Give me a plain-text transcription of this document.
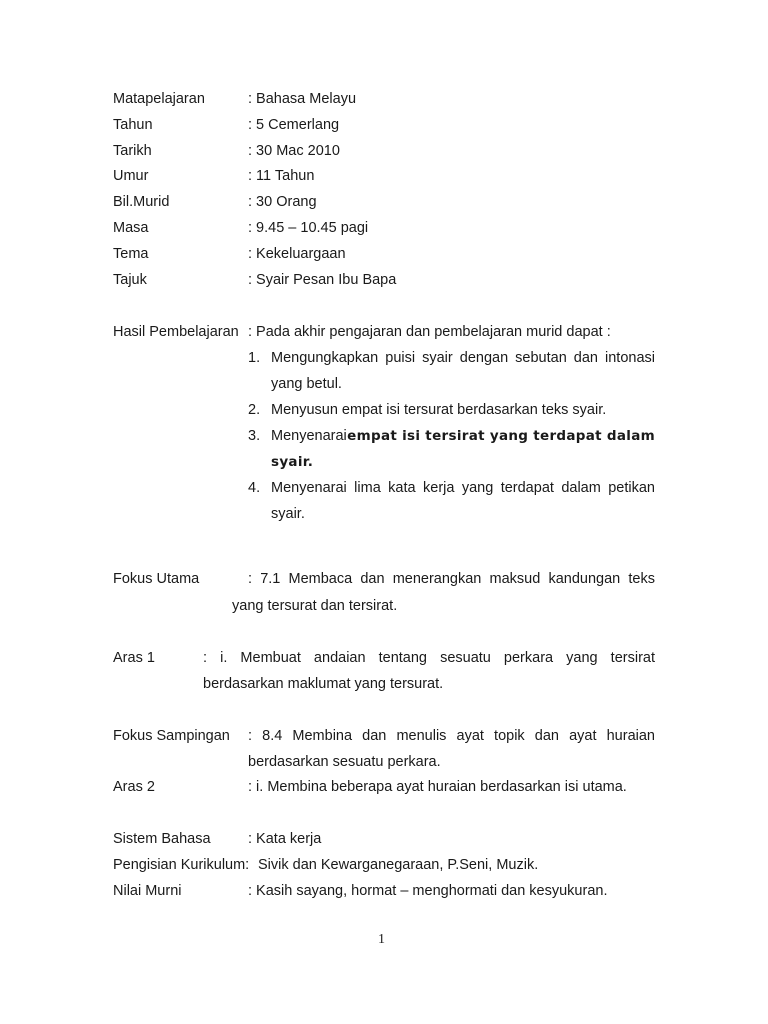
Matapelajaran	: Bahasa Melayu
Tahun	: 5 Cemerlang
Tarikh	: 30 Mac 2010
Umur	: 11 Tahun
Bil.Murid	: 30 Orang
Masa	: 9.45 – 10.45 pagi
Tema	: Kekeluargaan
Tajuk	: Syair Pesan Ibu Bapa
Hasil Pembelajaran : Pada akhir pengajaran dan pembelajaran murid dapat :
1. Mengungkapkan puisi syair dengan sebutan dan intonasi
yang betul.
2. Menyusun empat isi tersurat berdasarkan teks syair.
3. Menyenarai empat isi tersirat yang terdapat dalam
syair.
4. Menyenarai lima kata kerja yang terdapat dalam petikan
syair.
Fokus Utama	: 7.1 Membaca dan menerangkan maksud kandungan teks
yang tersurat dan tersirat.
Aras 1	: i. Membuat andaian tentang sesuatu perkara yang tersirat
berdasarkan maklumat yang tersurat.
Fokus Sampingan : 8.4 Membina dan menulis ayat topik dan ayat huraian
berdasarkan sesuatu perkara.
Aras 2	: i. Membina beberapa ayat huraian berdasarkan isi utama.
Sistem Bahasa	: Kata kerja
Pengisian Kurikulum: Sivik dan Kewarganegaraan, P.Seni, Muzik.
Nilai Murni	: Kasih sayang, hormat – menghormati dan kesyukuran.
1
